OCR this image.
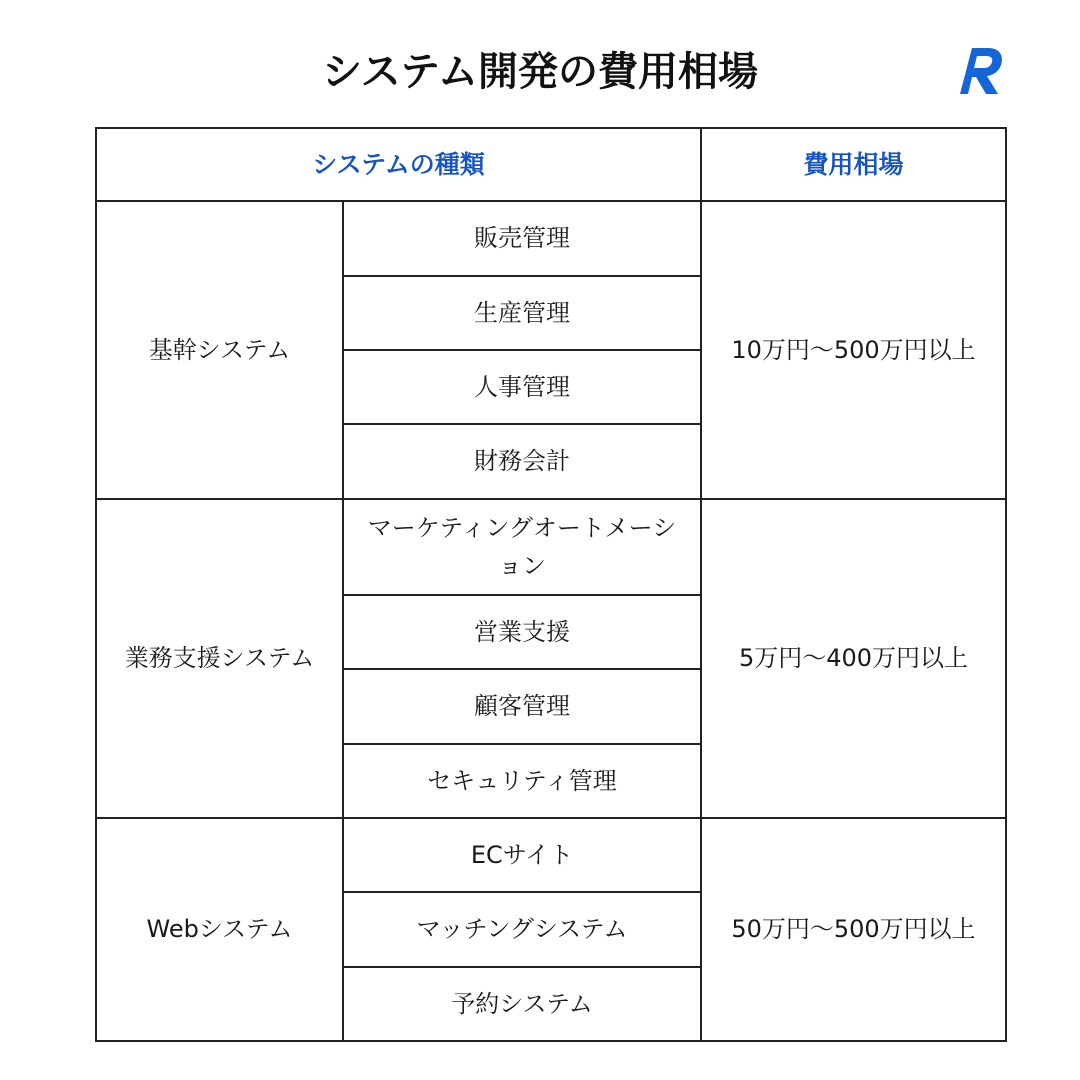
システム開発の費用相場
システムの種類		費用相場
基幹システム	販売管理	10万円〜500万円以上
	生産管理	
	人事管理	
	財務会計	
業務支援システム	マーケティングオートメーション	5万円〜400万円以上
	営業支援	
	顧客管理	
	セキュリティ管理	
Webシステム	ECサイト	50万円〜500万円以上
	マッチングシステム	
	予約システム	
